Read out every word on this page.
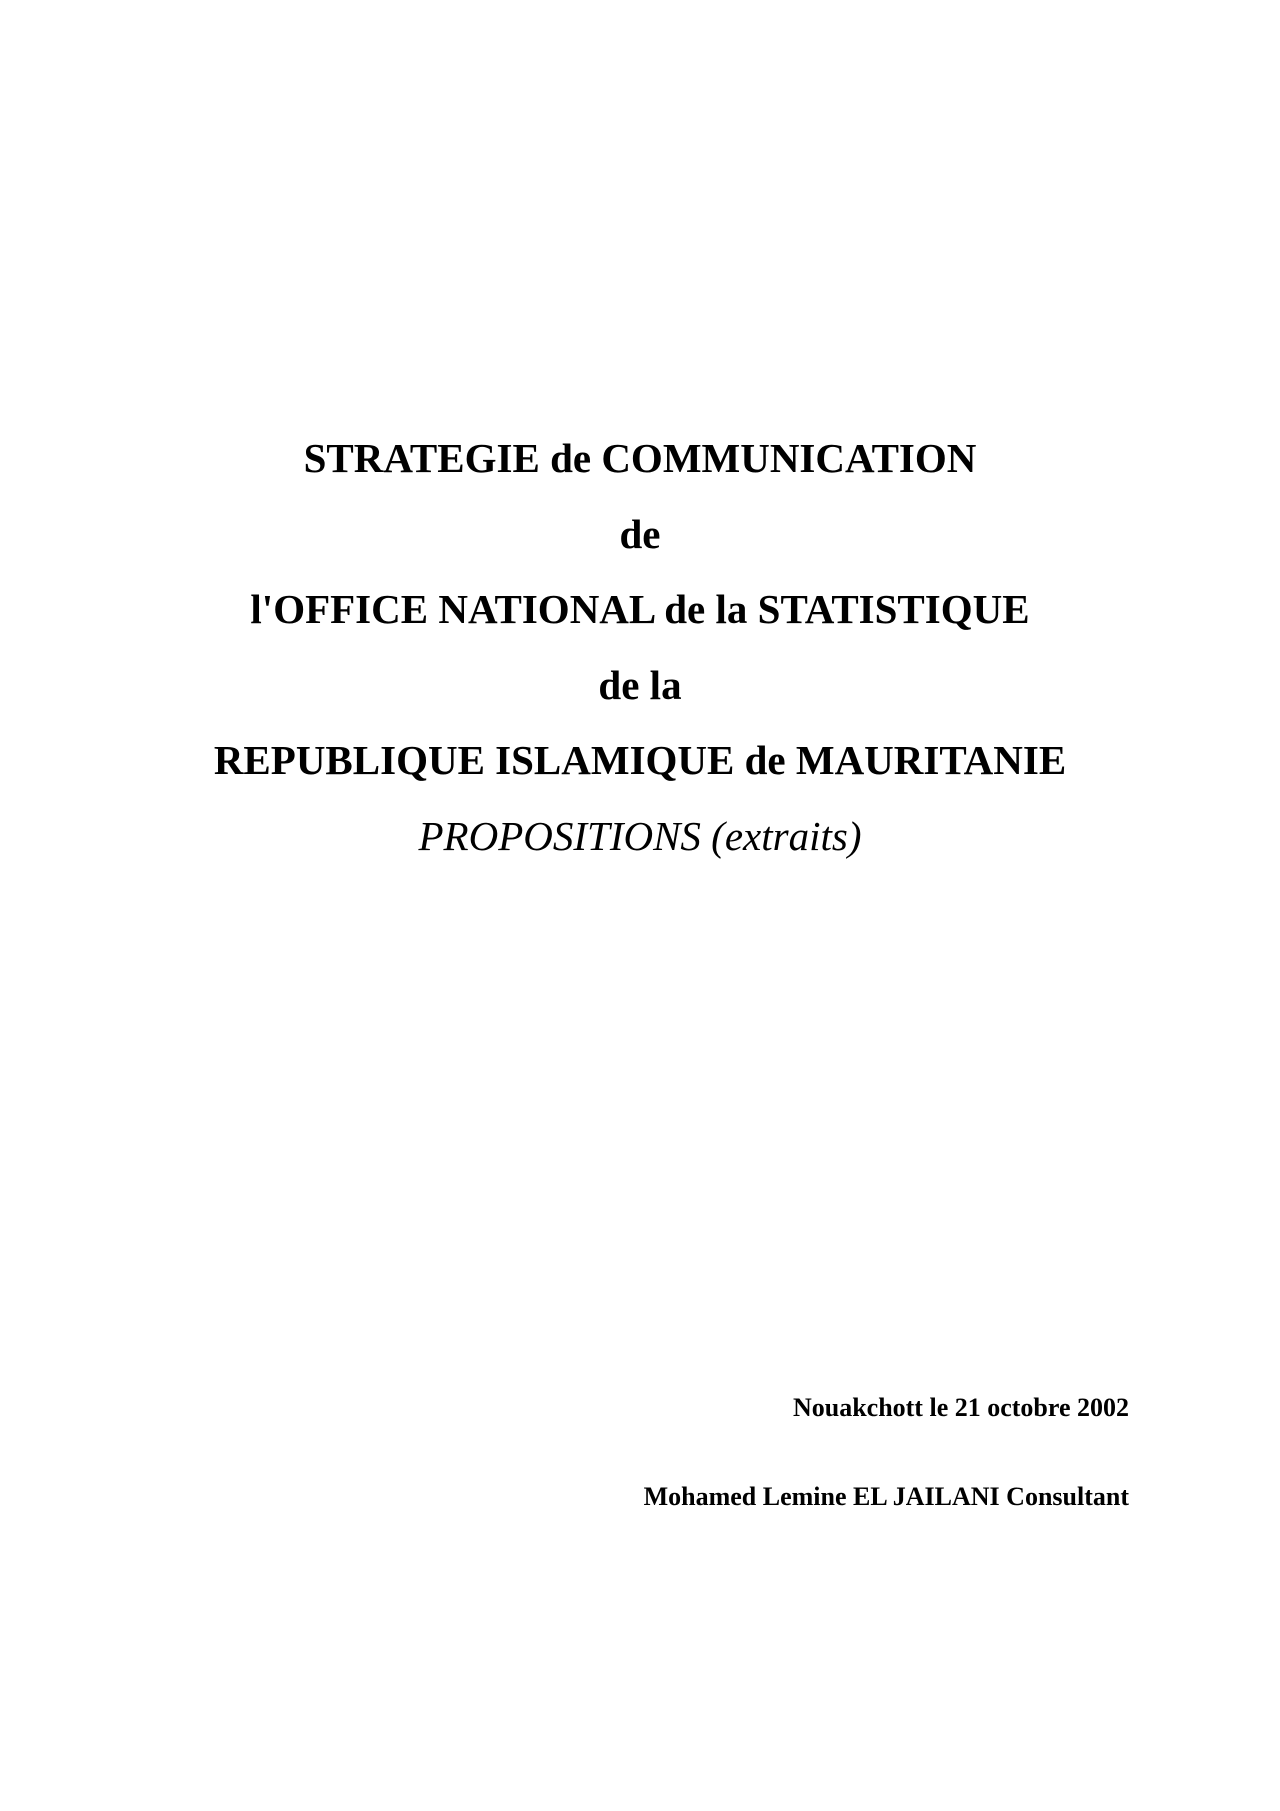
STRATEGIE de COMMUNICATION
de
l'OFFICE NATIONAL de la STATISTIQUE
de la
REPUBLIQUE ISLAMIQUE de MAURITANIE
PROPOSITIONS (extraits)
Nouakchott le 21 octobre 2002
Mohamed Lemine EL JAILANI Consultant
